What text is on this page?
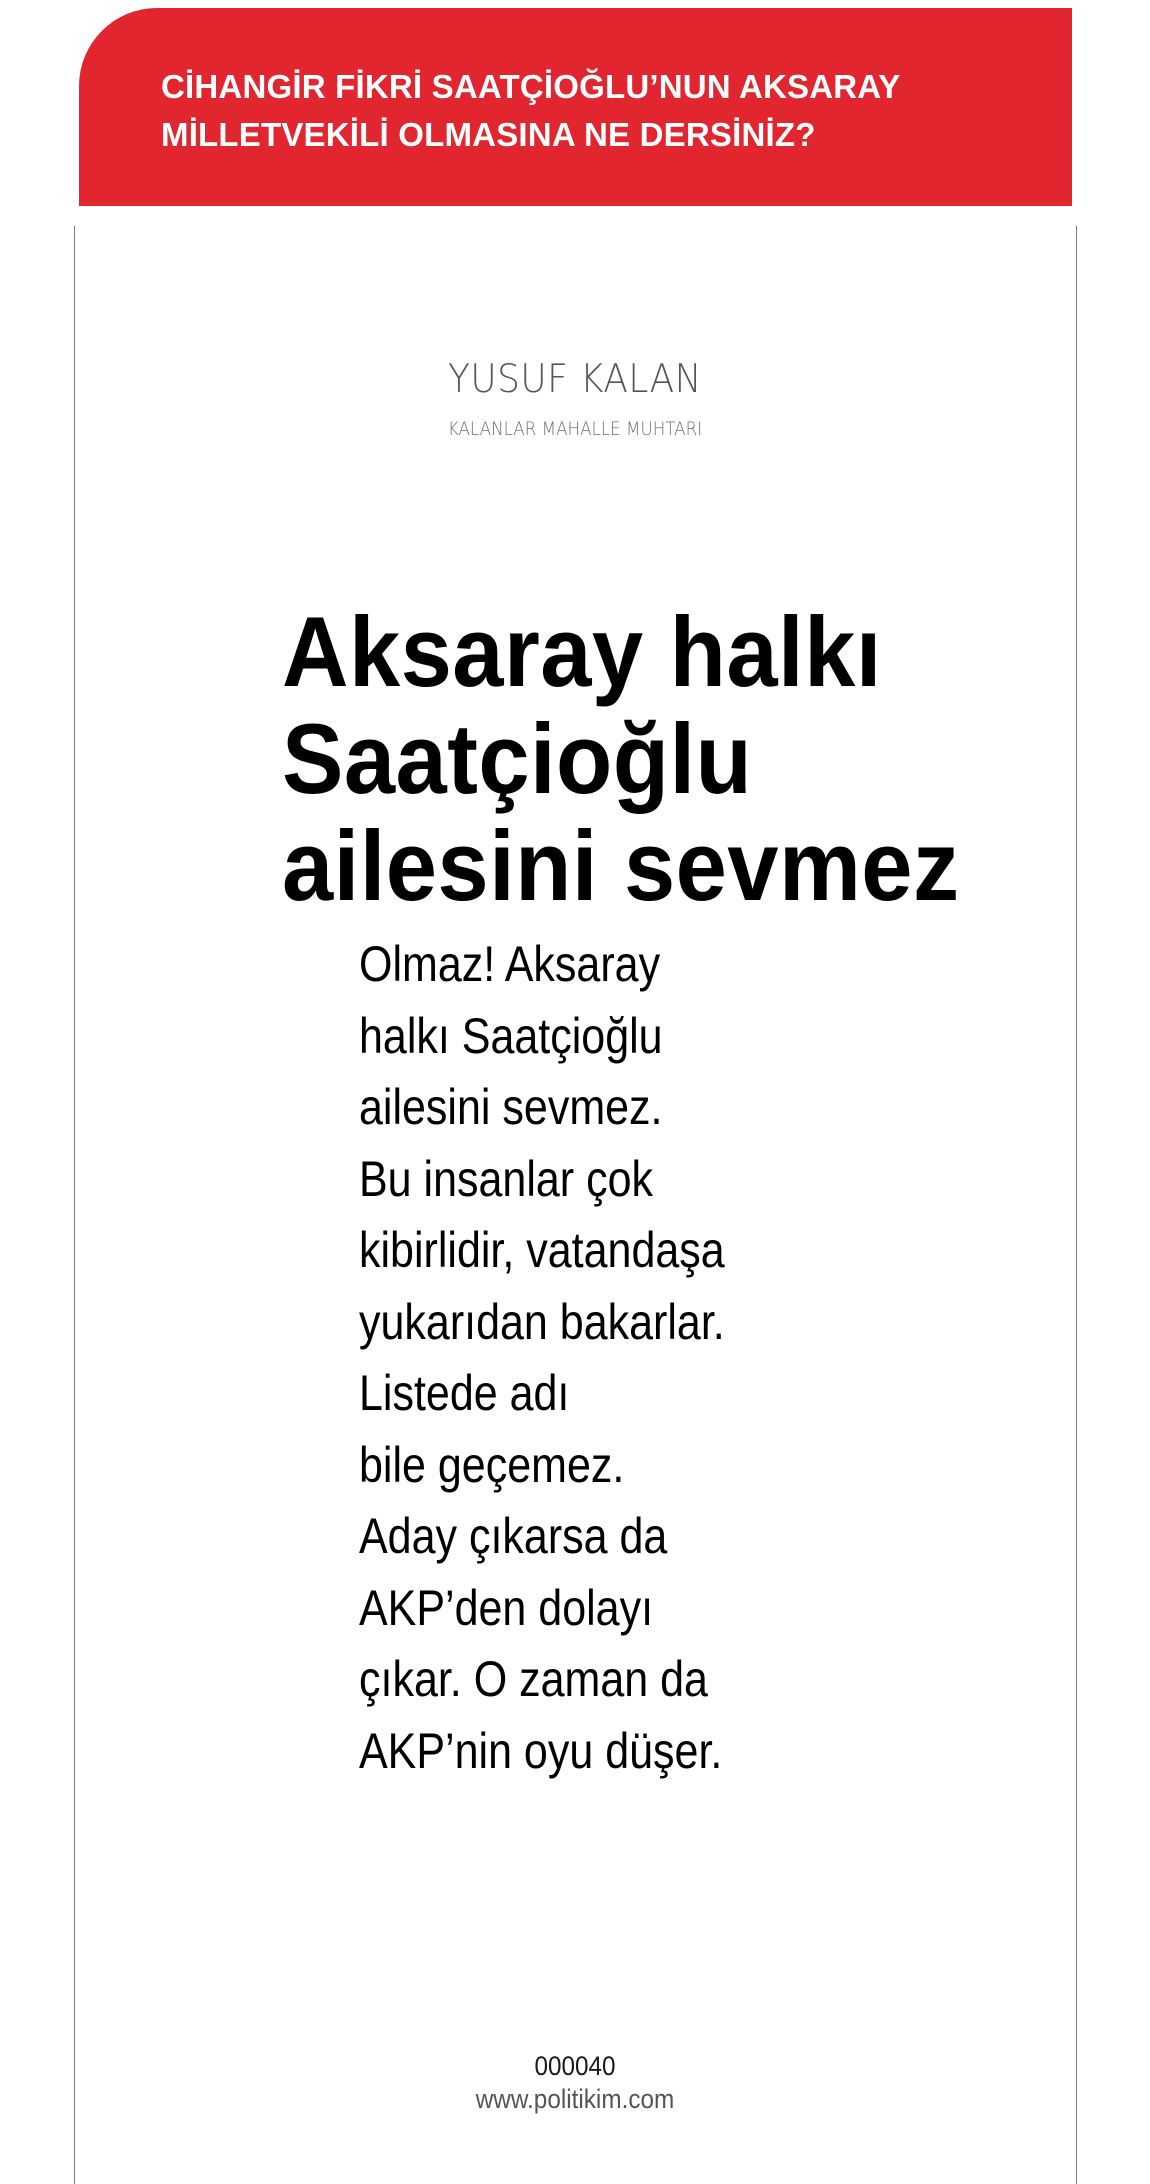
CİHANGİR FİKRİ SAATÇİOĞLU’NUN AKSARAY
MİLLETVEKİLİ OLMASINA NE DERSİNİZ?
YUSUF KALAN
KALANLAR MAHALLE MUHTARI
Aksaray halkı
Saatçioğlu
ailesini sevmez

Olmaz! Aksaray
halkı Saatçioğlu
ailesini sevmez.
Bu insanlar çok
kibirlidir, vatandaşa
yukarıdan bakarlar.
Listede adı
bile geçemez.
Aday çıkarsa da
AKP’den dolayı
çıkar. O zaman da
AKP’nin oyu düşer.

000040
www.politikim.com
